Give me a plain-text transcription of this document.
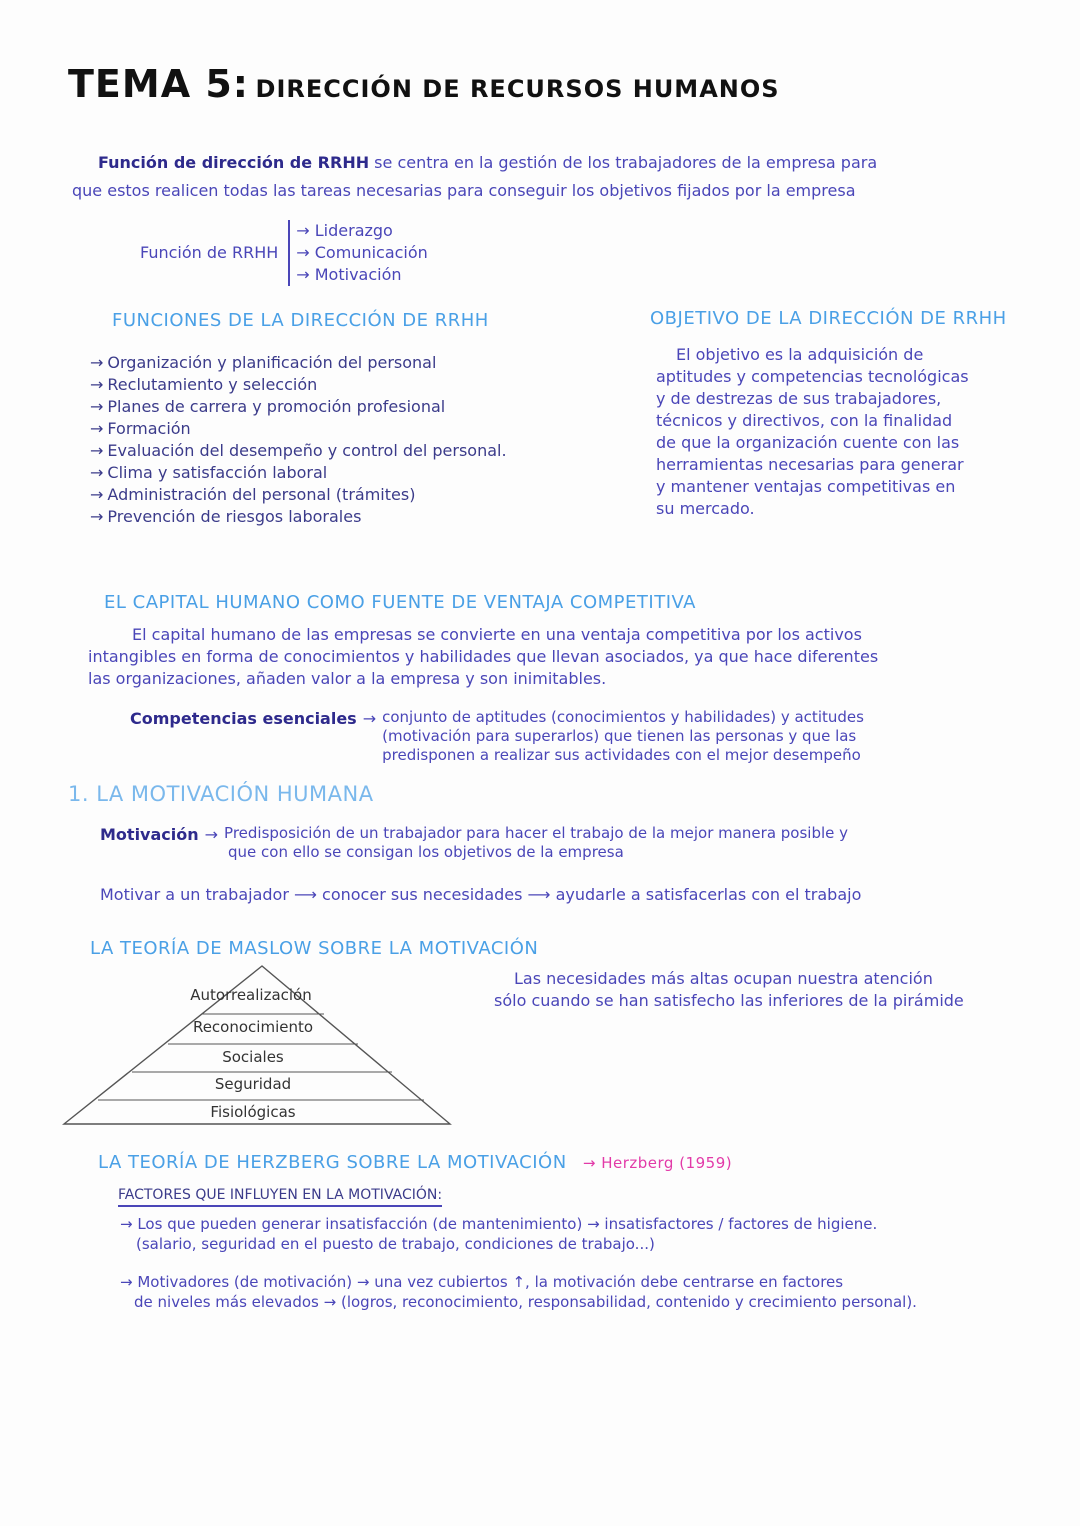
TEMA 5: DIRECCIÓN DE RECURSOS HUMANOS
Función de dirección de RRHH se centra en la gestión de los trabajadores de la empresa para
que estos realicen todas las tareas necesarias para conseguir los objetivos fijados por la empresa
Función de RRHH
→ Liderazgo
→ Comunicación
→ Motivación
FUNCIONES DE LA DIRECCIÓN DE RRHH
→ Organización y planificación del personal
→ Reclutamiento y selección
→ Planes de carrera y promoción profesional
→ Formación
→ Evaluación del desempeño y control del personal.
→ Clima y satisfacción laboral
→ Administración del personal (trámites)
→ Prevención de riesgos laborales
OBJETIVO DE LA DIRECCIÓN DE RRHH
El objetivo es la adquisición de
aptitudes y competencias tecnológicas
y de destrezas de sus trabajadores,
técnicos y directivos, con la finalidad
de que la organización cuente con las
herramientas necesarias para generar
y mantener ventajas competitivas en
su mercado.
EL CAPITAL HUMANO COMO FUENTE DE VENTAJA COMPETITIVA
El capital humano de las empresas se convierte en una ventaja competitiva por los activos
intangibles en forma de conocimientos y habilidades que llevan asociados, ya que hace diferentes
las organizaciones, añaden valor a la empresa y son inimitables.
Competencias esenciales → conjunto de aptitudes (conocimientos y habilidades) y actitudes
(motivación para superarlos) que tienen las personas y que las
predisponen a realizar sus actividades con el mejor desempeño
1. LA MOTIVACIÓN HUMANA
Motivación → Predisposición de un trabajador para hacer el trabajo de la mejor manera posible y
que con ello se consigan los objetivos de la empresa
Motivar a un trabajador ⟶ conocer sus necesidades ⟶ ayudarle a satisfacerlas con el trabajo
LA TEORÍA DE MASLOW SOBRE LA MOTIVACIÓN
Autorrealización
Reconocimiento
Sociales
Seguridad
Fisiológicas
Las necesidades más altas ocupan nuestra atención
sólo cuando se han satisfecho las inferiores de la pirámide
LA TEORÍA DE HERZBERG SOBRE LA MOTIVACIÓN → Herzberg (1959)
FACTORES QUE INFLUYEN EN LA MOTIVACIÓN:
→ Los que pueden generar insatisfacción (de mantenimiento) → insatisfactores / factores de higiene.
(salario, seguridad en el puesto de trabajo, condiciones de trabajo...)
→ Motivadores (de motivación) → una vez cubiertos ↑, la motivación debe centrarse en factores
de niveles más elevados → (logros, reconocimiento, responsabilidad, contenido y crecimiento personal).
